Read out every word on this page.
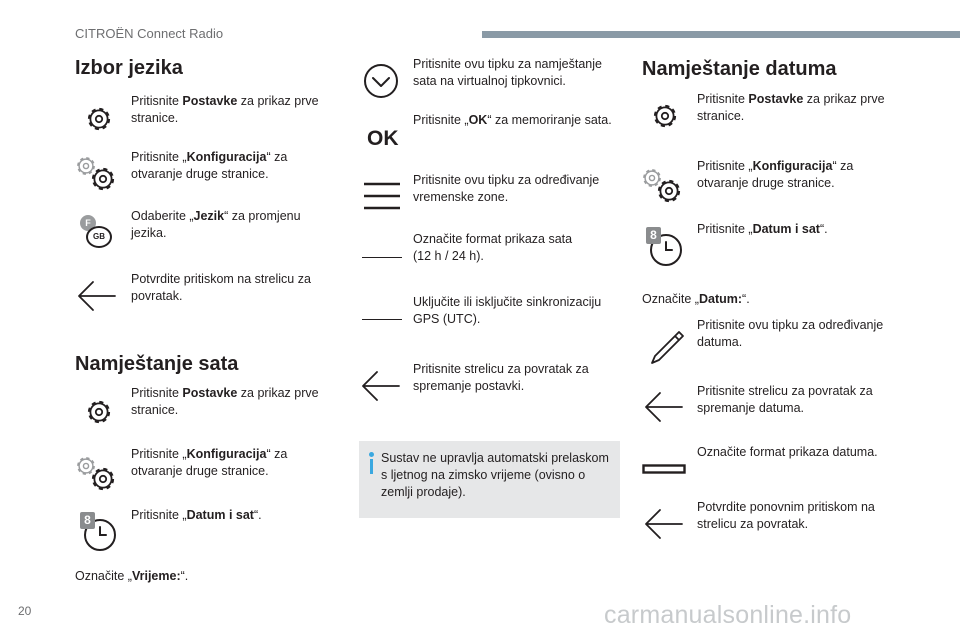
CITROËN Connect Radio
Izbor jezika
Pritisnite Postavke za prikaz prve stranice.
Pritisnite „Konfiguracija“ za otvaranje druge stranice.
F
GB
Odaberite „Jezik“ za promjenu jezika.
Potvrdite pritiskom na strelicu za povratak.
Namještanje sata
Pritisnite Postavke za prikaz prve stranice.
Pritisnite „Konfiguracija“ za otvaranje druge stranice.
8	Pritisnite „Datum i sat“.
Označite „Vrijeme:“.
Pritisnite ovu tipku za namještanje sata na virtualnoj tipkovnici.
OK
Pritisnite „OK“ za memoriranje sata.
Pritisnite ovu tipku za određivanje vremenske zone.
Označite format prikaza sata
(12 h / 24 h).
Uključite ili isključite sinkronizaciju GPS (UTC).
Pritisnite strelicu za povratak za spremanje postavki.
Sustav ne upravlja automatski prelaskom s ljetnog na zimsko vrijeme (ovisno o zemlji prodaje).
Namještanje datuma
Pritisnite Postavke za prikaz prve stranice.
Pritisnite „Konfiguracija“ za otvaranje druge stranice.
8	Pritisnite „Datum i sat“.
Označite „Datum:“.
Pritisnite ovu tipku za određivanje datuma.
Pritisnite strelicu za povratak za spremanje datuma.
Označite format prikaza datuma.
Potvrdite ponovnim pritiskom na strelicu za povratak.
20	carmanualsonline.info
